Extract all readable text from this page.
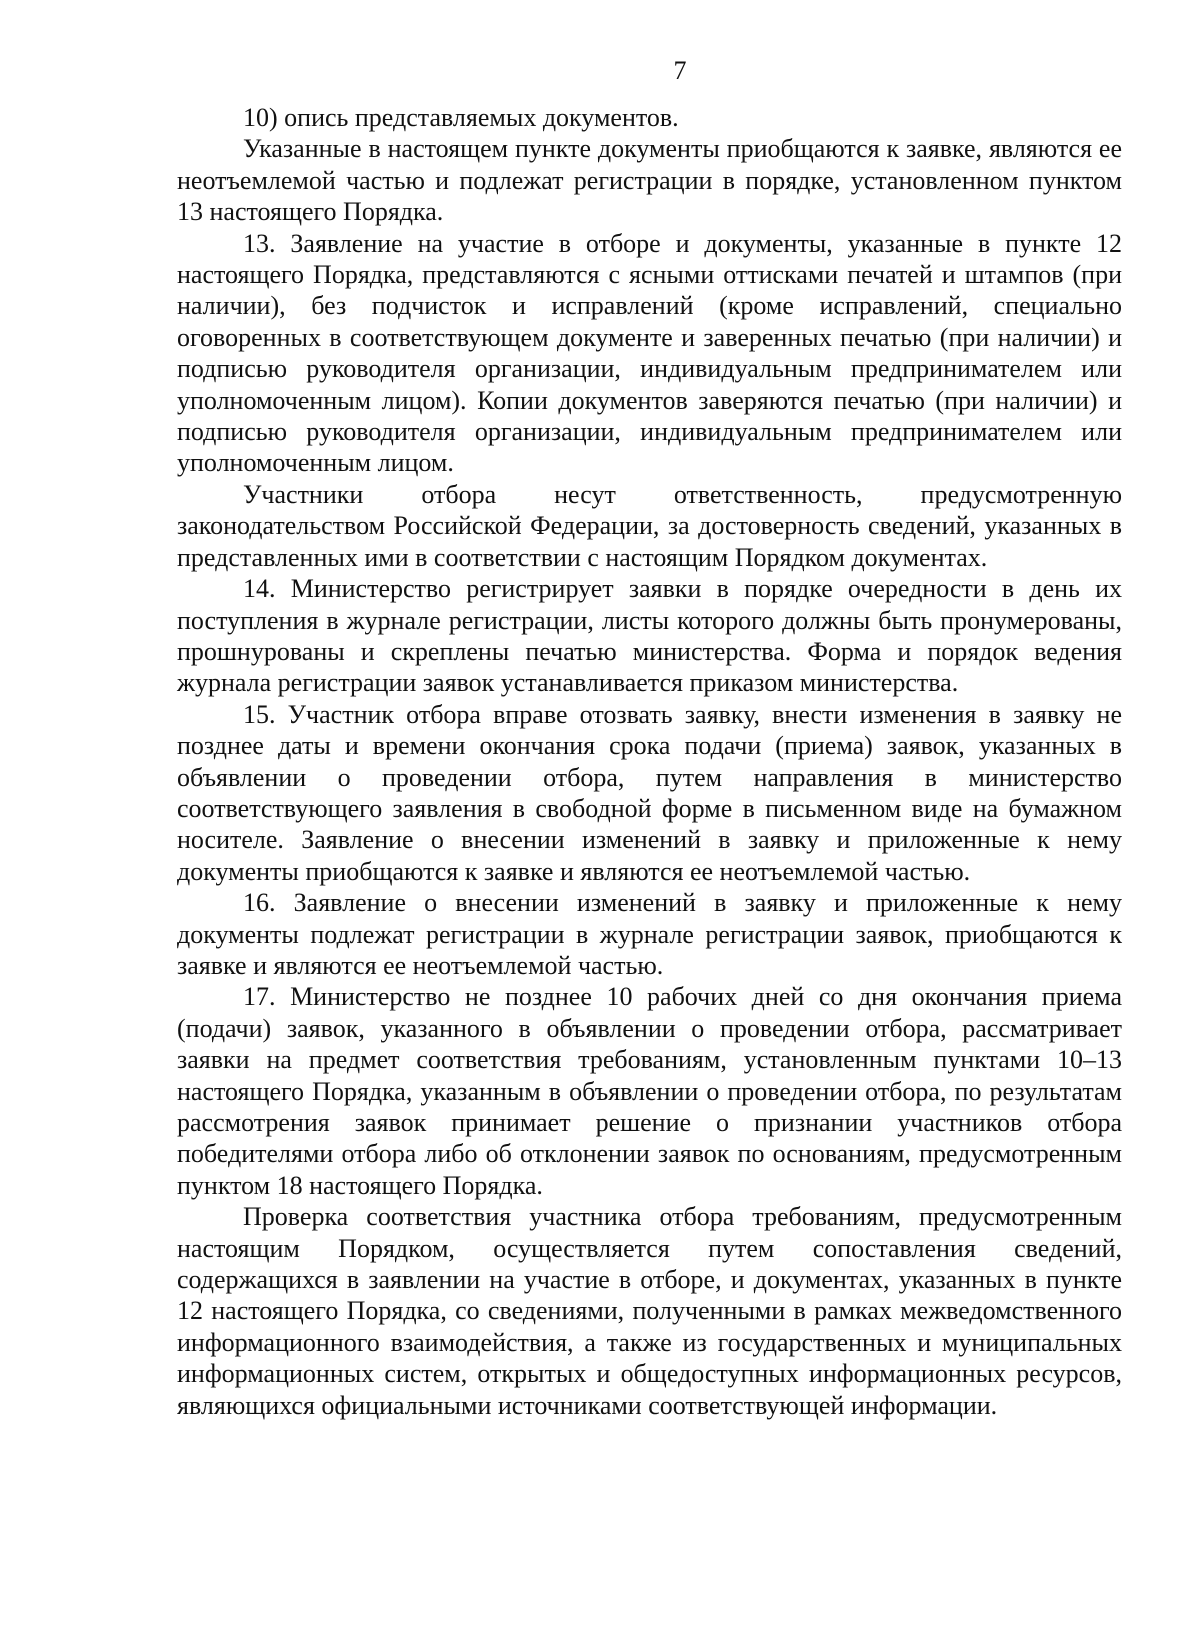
7

10) опись представляемых документов.

Указанные в настоящем пункте документы приобщаются к заявке, являются ее неотъемлемой частью и подлежат регистрации в порядке, установленном пунктом 13 настоящего Порядка.

13. Заявление на участие в отборе и документы, указанные в пункте 12 настоящего Порядка, представляются с ясными оттисками печатей и штампов (при наличии), без подчисток и исправлений (кроме исправлений, специально оговоренных в соответствующем документе и заверенных печатью (при наличии) и подписью руководителя организации, индивидуальным предпринимателем или уполномоченным лицом). Копии документов заверяются печатью (при наличии) и подписью руководителя организации, индивидуальным предпринимателем или уполномоченным лицом.

Участники отбора несут ответственность, предусмотренную законодательством Российской Федерации, за достоверность сведений, указанных в представленных ими в соответствии с настоящим Порядком документах.

14. Министерство регистрирует заявки в порядке очередности в день их поступления в журнале регистрации, листы которого должны быть пронумерованы, прошнурованы и скреплены печатью министерства. Форма и порядок ведения журнала регистрации заявок устанавливается приказом министерства.

15. Участник отбора вправе отозвать заявку, внести изменения в заявку не позднее даты и времени окончания срока подачи (приема) заявок, указанных в объявлении о проведении отбора, путем направления в министерство соответствующего заявления в свободной форме в письменном виде на бумажном носителе. Заявление о внесении изменений в заявку и приложенные к нему документы приобщаются к заявке и являются ее неотъемлемой частью.

16. Заявление о внесении изменений в заявку и приложенные к нему документы подлежат регистрации в журнале регистрации заявок, приобщаются к заявке и являются ее неотъемлемой частью.

17. Министерство не позднее 10 рабочих дней со дня окончания приема (подачи) заявок, указанного в объявлении о проведении отбора, рассматривает заявки на предмет соответствия требованиям, установленным пунктами 10–13 настоящего Порядка, указанным в объявлении о проведении отбора, по результатам рассмотрения заявок принимает решение о признании участников отбора победителями отбора либо об отклонении заявок по основаниям, предусмотренным пунктом 18 настоящего Порядка.

Проверка соответствия участника отбора требованиям, предусмотренным настоящим Порядком, осуществляется путем сопоставления сведений, содержащихся в заявлении на участие в отборе, и документах, указанных в пункте 12 настоящего Порядка, со сведениями, полученными в рамках межведомственного информационного взаимодействия, а также из государственных и муниципальных информационных систем, открытых и общедоступных информационных ресурсов, являющихся официальными источниками соответствующей информации.
